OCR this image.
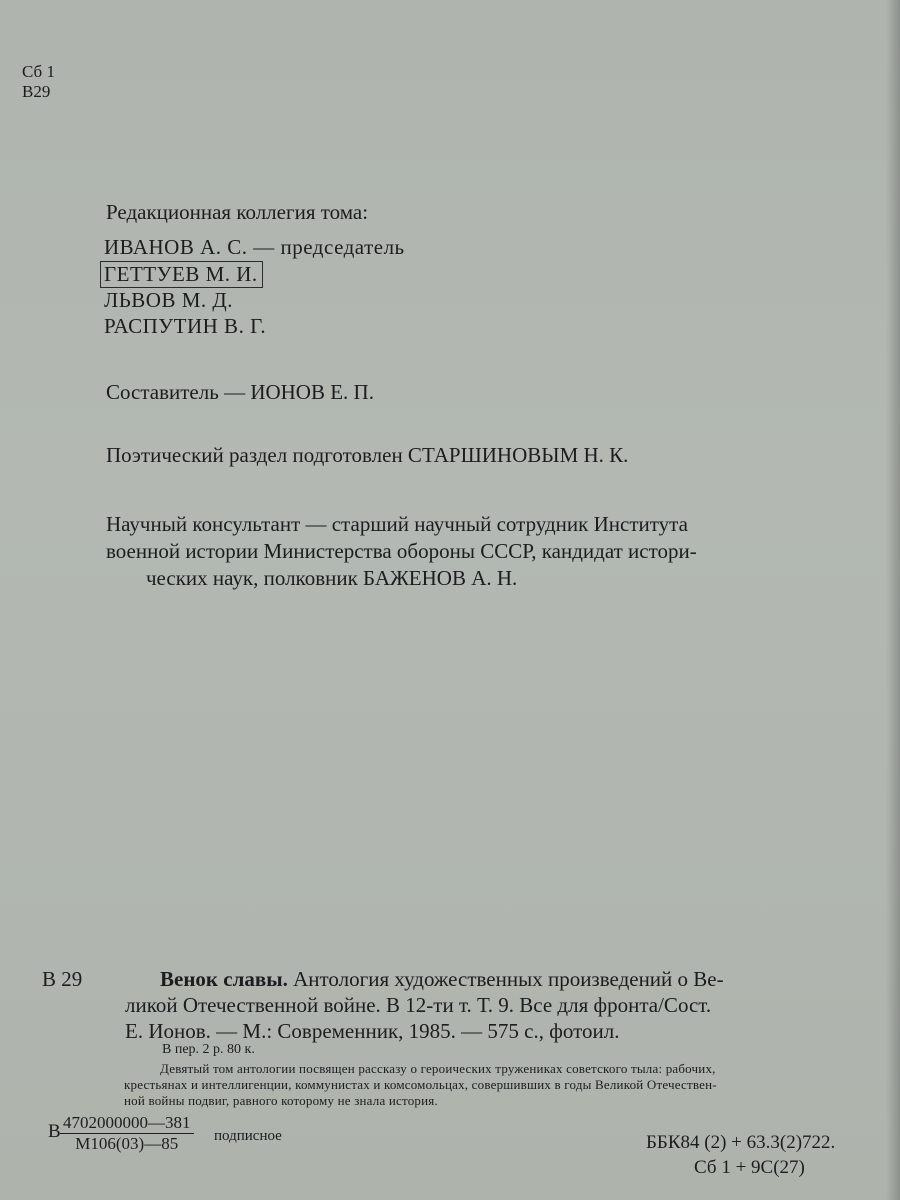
Сб 1
В29
Редакционная коллегия тома:
ИВАНОВ А. С. — председатель
ГЕТТУЕВ М. И.
ЛЬВОВ М. Д.
РАСПУТИН В. Г.
Составитель — ИОНОВ Е. П.
Поэтический раздел подготовлен СТАРШИНОВЫМ Н. К.
Научный консультант — старший научный сотрудник Института
военной истории Министерства обороны СССР, кандидат истори-
ческих наук, полковник БАЖЕНОВ А. Н.
В 29	Венок славы. Антология художественных произведений о Ве-
ликой Отечественной войне. В 12-ти т. Т. 9. Все для фронта/Сост.
Е. Ионов. — М.: Современник, 1985. — 575 с., фотоил.
В пер. 2 р. 80 к.
Девятый том антологии посвящен рассказу о героических тружениках советского тыла: рабочих,
крестьянах и интеллигенции, коммунистах и комсомольцах, совершивших в годы Великой Отечествен-
ной войны подвиг, равного которому не знала история.
В 4702000000—381
М106(03)—85	подписное	ББК84 (2) + 63.3(2)722.
Сб 1 + 9С(27)
